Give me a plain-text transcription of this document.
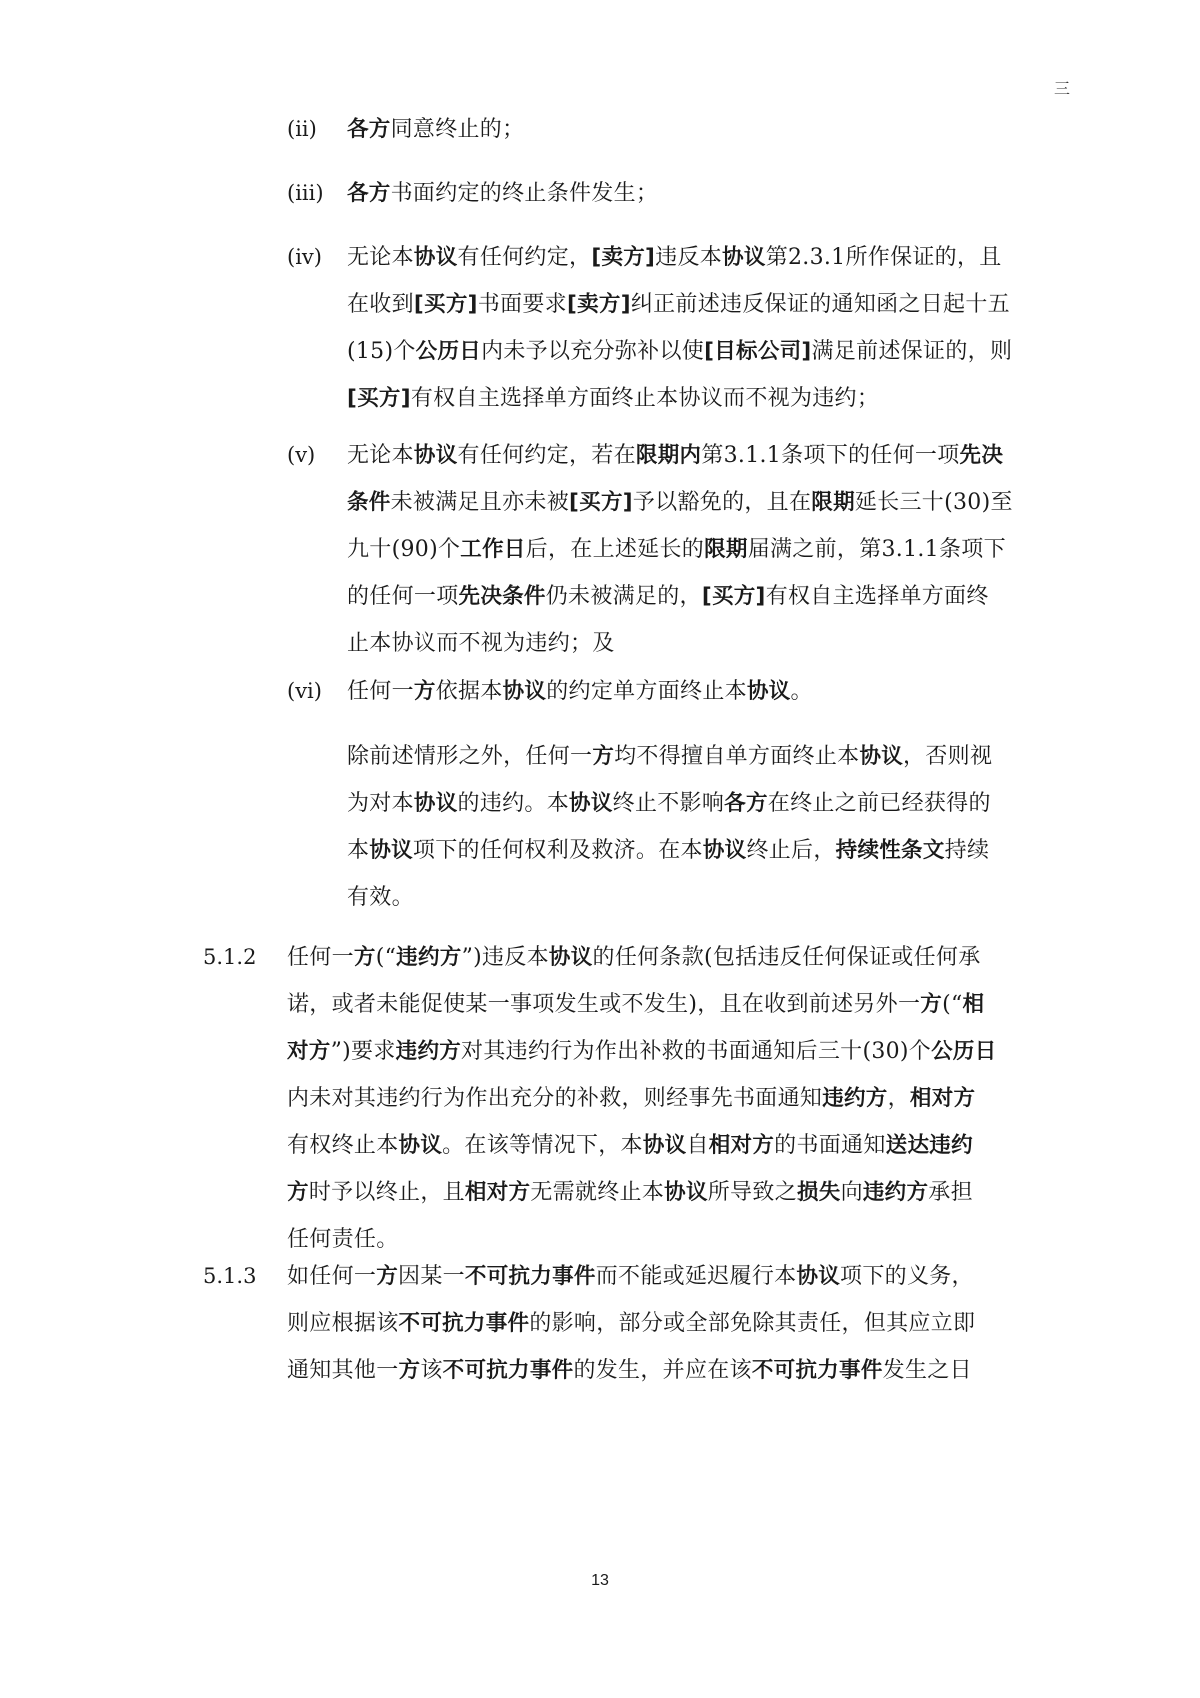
三
(ii) 各方同意终止的；
(iii) 各方书面约定的终止条件发生；
(iv) 无论本协议有任何约定，[卖方]违反本协议第2.3.1所作保证的，且
在收到[买方]书面要求[卖方]纠正前述违反保证的通知函之日起十五
(15)个公历日内未予以充分弥补以使[目标公司]满足前述保证的，则
[买方]有权自主选择单方面终止本协议而不视为违约；
(v) 无论本协议有任何约定，若在限期内第3.1.1条项下的任何一项先决
条件未被满足且亦未被[买方]予以豁免的，且在限期延长三十(30)至
九十(90)个工作日后，在上述延长的限期届满之前，第3.1.1条项下
的任何一项先决条件仍未被满足的，[买方]有权自主选择单方面终
止本协议而不视为违约；及
(vi) 任何一方依据本协议的约定单方面终止本协议。
除前述情形之外，任何一方均不得擅自单方面终止本协议，否则视
为对本协议的违约。本协议终止不影响各方在终止之前已经获得的
本协议项下的任何权利及救济。在本协议终止后，持续性条文持续
有效。
5.1.2 任何一方(“违约方”)违反本协议的任何条款(包括违反任何保证或任何承
诺，或者未能促使某一事项发生或不发生)，且在收到前述另外一方(“相
对方”)要求违约方对其违约行为作出补救的书面通知后三十(30)个公历日
内未对其违约行为作出充分的补救，则经事先书面通知违约方，相对方
有权终止本协议。在该等情况下，本协议自相对方的书面通知送达违约
方时予以终止，且相对方无需就终止本协议所导致之损失向违约方承担
任何责任。
5.1.3 如任何一方因某一不可抗力事件而不能或延迟履行本协议项下的义务，
则应根据该不可抗力事件的影响，部分或全部免除其责任，但其应立即
通知其他一方该不可抗力事件的发生，并应在该不可抗力事件发生之日
13
